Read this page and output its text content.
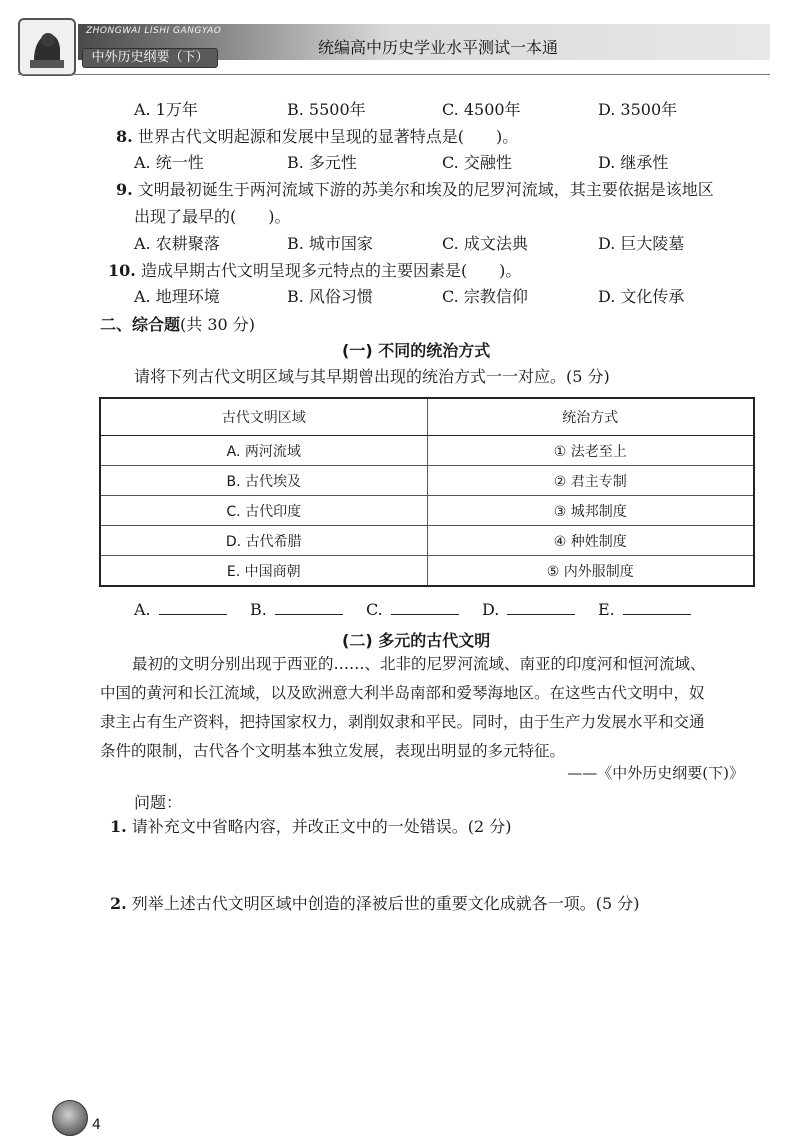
ZHONGWAI LISHI GANGYAO
统编高中历史学业水平测试一本通
中外历史纲要（下）
A. 1万年	B. 5500年	C. 4500年	D. 3500年
8. 世界古代文明起源和发展中呈现的显著特点是(　　)。
A. 统一性	B. 多元性	C. 交融性	D. 继承性
9. 文明最初诞生于两河流域下游的苏美尔和埃及的尼罗河流域，其主要依据是该地区
出现了最早的(　　)。
A. 农耕聚落	B. 城市国家	C. 成文法典	D. 巨大陵墓
10. 造成早期古代文明呈现多元特点的主要因素是(　　)。
A. 地理环境	B. 风俗习惯	C. 宗教信仰	D. 文化传承
二、综合题(共 30 分)
(一) 不同的统治方式
请将下列古代文明区域与其早期曾出现的统治方式一一对应。(5 分)
古代文明区域	统治方式
A. 两河流域	① 法老至上
B. 古代埃及	② 君主专制
C. 古代印度	③ 城邦制度
D. 古代希腊	④ 种姓制度
E. 中国商朝	⑤ 内外服制度
A.	B.	C.	D.	E.
(二) 多元的古代文明
最初的文明分别出现于西亚的……、北非的尼罗河流域、南亚的印度河和恒河流域、
中国的黄河和长江流域，以及欧洲意大利半岛南部和爱琴海地区。在这些古代文明中，奴
隶主占有生产资料，把持国家权力，剥削奴隶和平民。同时，由于生产力发展水平和交通
条件的限制，古代各个文明基本独立发展，表现出明显的多元特征。
——《中外历史纲要(下)》
问题：
1. 请补充文中省略内容，并改正文中的一处错误。(2 分)
2. 列举上述古代文明区域中创造的泽被后世的重要文化成就各一项。(5 分)
4
